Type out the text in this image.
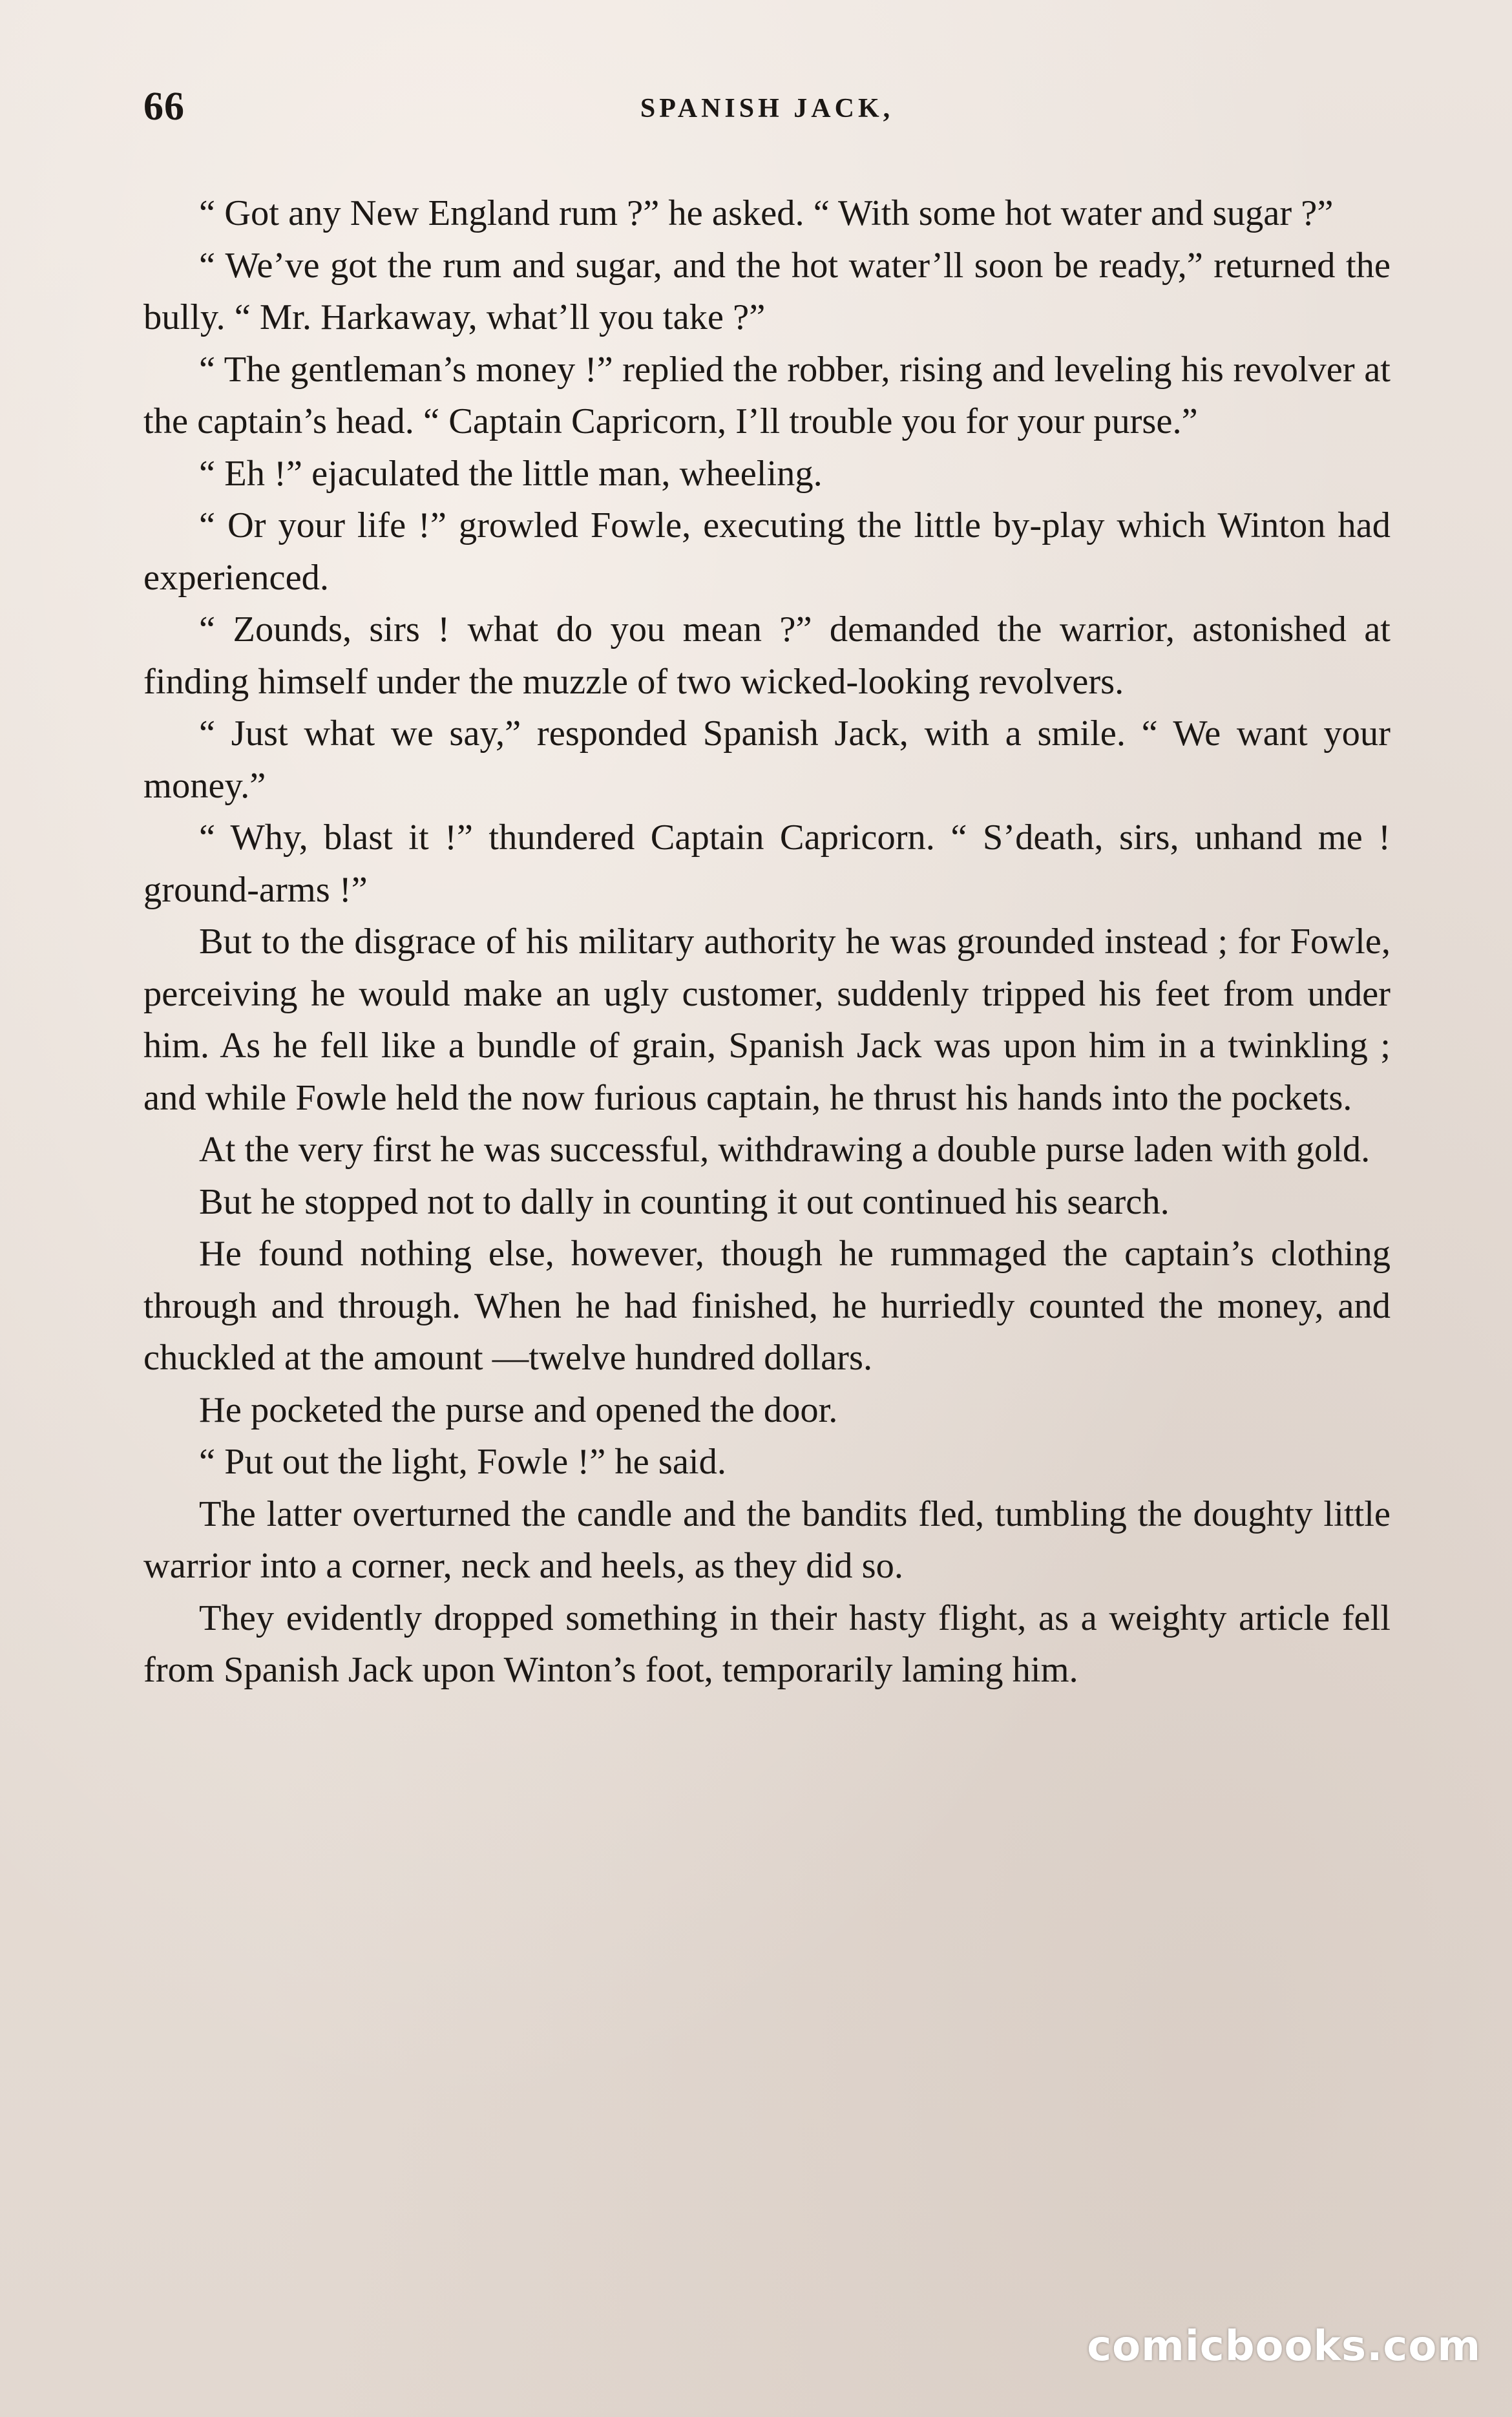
66	SPANISH JACK,

“ Got any New England rum ?” he asked. “ With some hot water and sugar ?”

“ We’ve got the rum and sugar, and the hot water’ll soon be ready,” returned the bully. “ Mr. Harkaway, what’ll you take ?”

“ The gentleman’s money !” replied the robber, rising and leveling his revolver at the captain’s head. “ Captain Capricorn, I’ll trouble you for your purse.”

“ Eh !” ejaculated the little man, wheeling.

“ Or your life !” growled Fowle, executing the little by-play which Winton had experienced.

“ Zounds, sirs ! what do you mean ?” demanded the warrior, astonished at finding himself under the muzzle of two wicked-looking revolvers.

“ Just what we say,” responded Spanish Jack, with a smile. “ We want your money.”

“ Why, blast it !” thundered Captain Capricorn. “ S’death, sirs, unhand me ! ground-arms !”

But to the disgrace of his military authority he was grounded instead ; for Fowle, perceiving he would make an ugly customer, suddenly tripped his feet from under him. As he fell like a bundle of grain, Spanish Jack was upon him in a twinkling ; and while Fowle held the now furious captain, he thrust his hands into the pockets.

At the very first he was successful, withdrawing a double purse laden with gold.

But he stopped not to dally in counting it out continued his search.

He found nothing else, however, though he rummaged the captain’s clothing through and through. When he had finished, he hurriedly counted the money, and chuckled at the amount —twelve hundred dollars.

He pocketed the purse and opened the door.

“ Put out the light, Fowle !” he said.

The latter overturned the candle and the bandits fled, tumbling the doughty little warrior into a corner, neck and heels, as they did so.

They evidently dropped something in their hasty flight, as a weighty article fell from Spanish Jack upon Winton’s foot, temporarily laming him.

comicbooks.com
